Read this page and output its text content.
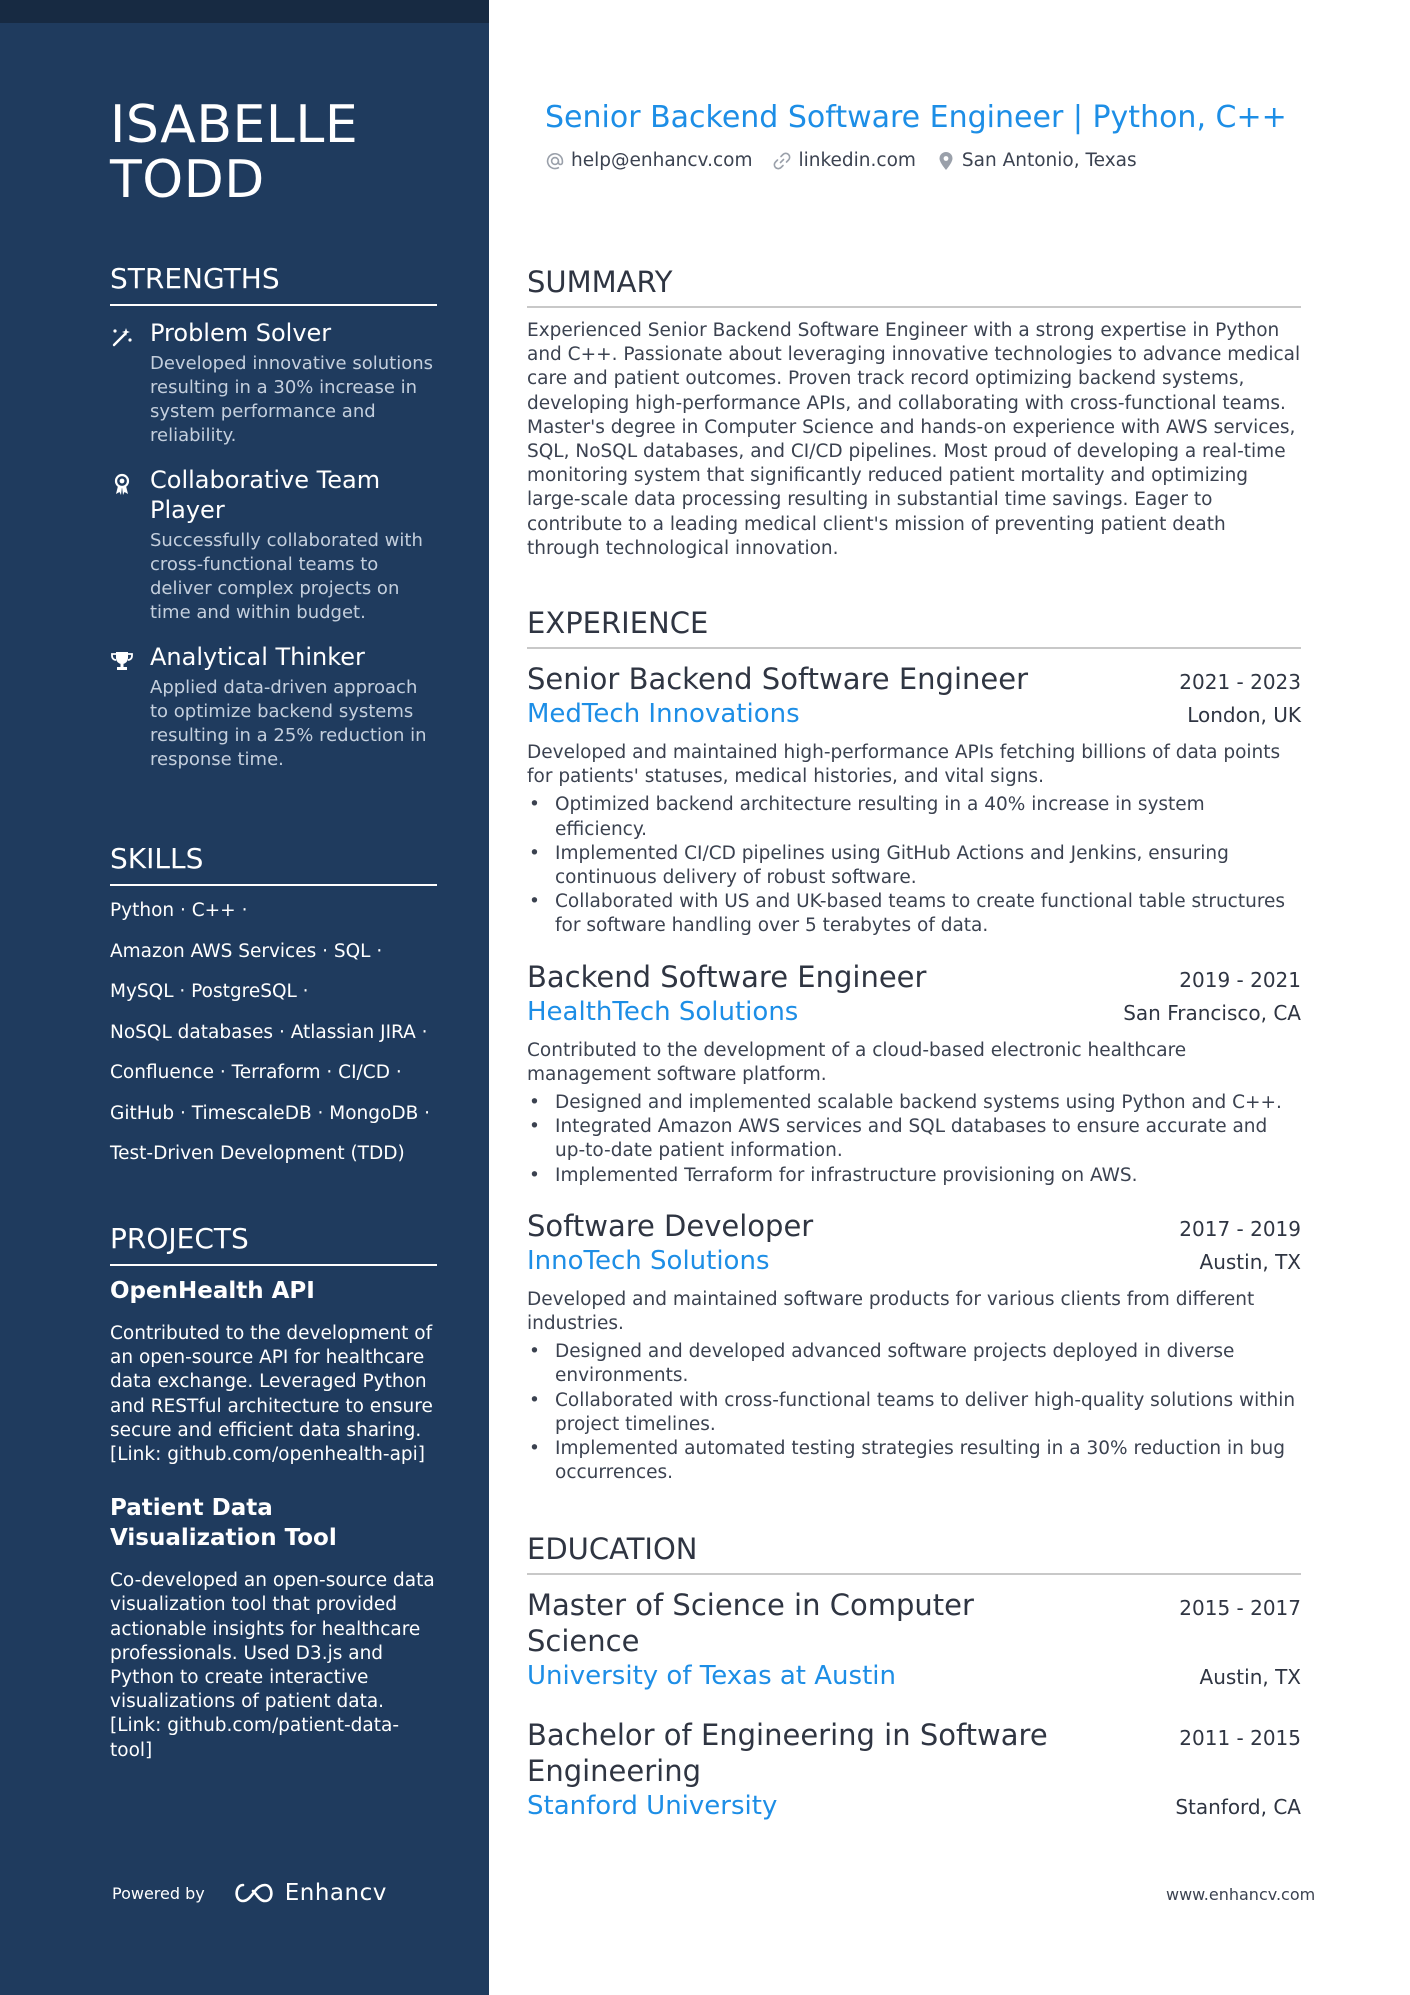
ISABELLE
TODD
STRENGTHS
Problem Solver
Developed innovative solutions resulting in a 30% increase in system performance and reliability.
Collaborative Team Player
Successfully collaborated with cross-functional teams to deliver complex projects on time and within budget.
Analytical Thinker
Applied data-driven approach to optimize backend systems resulting in a 25% reduction in response time.
SKILLS
Python · C++ ·
Amazon AWS Services · SQL ·
MySQL · PostgreSQL ·
NoSQL databases · Atlassian JIRA ·
Confluence · Terraform · CI/CD ·
GitHub · TimescaleDB · MongoDB ·
Test-Driven Development (TDD)
PROJECTS
OpenHealth API
Contributed to the development of an open-source API for healthcare data exchange. Leveraged Python and RESTful architecture to ensure secure and efficient data sharing. [Link: github.com/openhealth-api]
Patient Data Visualization Tool
Co-developed an open-source data visualization tool that provided actionable insights for healthcare professionals. Used D3.js and Python to create interactive visualizations of patient data. [Link: github.com/patient-data-tool]
Powered by	Enhancv
Senior Backend Software Engineer | Python, C++
help@enhancv.com linkedin.com San Antonio, Texas
SUMMARY
Experienced Senior Backend Software Engineer with a strong expertise in Python and C++. Passionate about leveraging innovative technologies to advance medical care and patient outcomes. Proven track record optimizing backend systems, developing high-performance APIs, and collaborating with cross-functional teams. Master's degree in Computer Science and hands-on experience with AWS services, SQL, NoSQL databases, and CI/CD pipelines. Most proud of developing a real-time monitoring system that significantly reduced patient mortality and optimizing large-scale data processing resulting in substantial time savings. Eager to contribute to a leading medical client's mission of preventing patient death through technological innovation.
EXPERIENCE
Senior Backend Software Engineer	2021 - 2023
MedTech Innovations	London, UK
Developed and maintained high-performance APIs fetching billions of data points for patients' statuses, medical histories, and vital signs.
• Optimized backend architecture resulting in a 40% increase in system efficiency.
• Implemented CI/CD pipelines using GitHub Actions and Jenkins, ensuring continuous delivery of robust software.
• Collaborated with US and UK-based teams to create functional table structures for software handling over 5 terabytes of data.
Backend Software Engineer	2019 - 2021
HealthTech Solutions	San Francisco, CA
Contributed to the development of a cloud-based electronic healthcare management software platform.
• Designed and implemented scalable backend systems using Python and C++.
• Integrated Amazon AWS services and SQL databases to ensure accurate and up-to-date patient information.
• Implemented Terraform for infrastructure provisioning on AWS.
Software Developer	2017 - 2019
InnoTech Solutions	Austin, TX
Developed and maintained software products for various clients from different industries.
• Designed and developed advanced software projects deployed in diverse environments.
• Collaborated with cross-functional teams to deliver high-quality solutions within project timelines.
• Implemented automated testing strategies resulting in a 30% reduction in bug occurrences.
EDUCATION
Master of Science in Computer Science
2015 - 2017
University of Texas at Austin	Austin, TX
Bachelor of Engineering in Software Engineering
2011 - 2015
Stanford University	Stanford, CA
www.enhancv.com
